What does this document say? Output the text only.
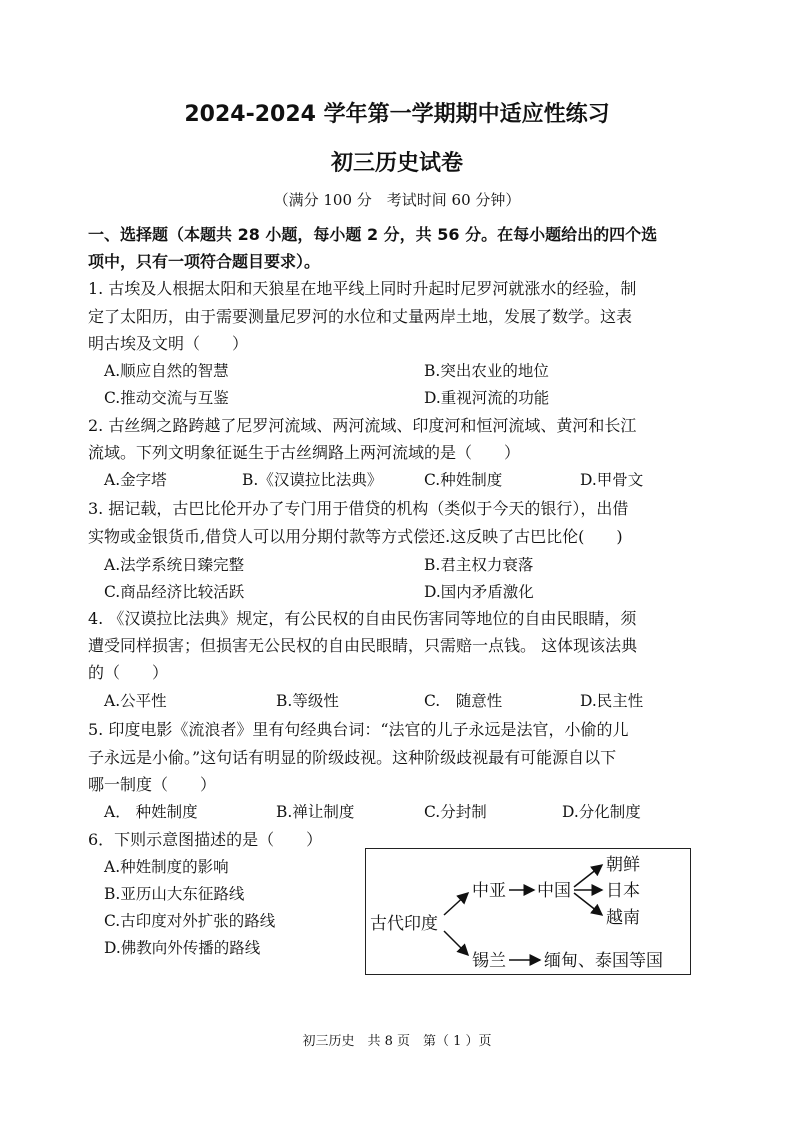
2024-2024 学年第一学期期中适应性练习
初三历史试卷
（满分 100 分　考试时间 60 分钟）
一、选择题（本题共 28 小题，每小题 2 分，共 56 分。在每小题给出的四个选
项中，只有一项符合题目要求）。
1. 古埃及人根据太阳和天狼星在地平线上同时升起时尼罗河就涨水的经验，制
定了太阳历，由于需要测量尼罗河的水位和丈量两岸土地，发展了数学。这表
明古埃及文明（　　）
A.顺应自然的智慧	B.突出农业的地位
C.推动交流与互鉴	D.重视河流的功能
2. 古丝绸之路跨越了尼罗河流域、两河流域、印度河和恒河流域、黄河和长江
流域。下列文明象征诞生于古丝绸路上两河流域的是（　　）
A.金字塔	B.《汉谟拉比法典》	C.种姓制度	D.甲骨文
3. 据记载，古巴比伦开办了专门用于借贷的机构（类似于今天的银行），出借
实物或金银货币,借贷人可以用分期付款等方式偿还.这反映了古巴比伦(　　)
A.法学系统日臻完整	B.君主权力衰落
C.商品经济比较活跃	D.国内矛盾激化
4. 《汉谟拉比法典》规定，有公民权的自由民伤害同等地位的自由民眼睛，须
遭受同样损害；但损害无公民权的自由民眼睛，只需赔一点钱。 这体现该法典
的（　　）
A.公平性	B.等级性	C.　随意性	D.民主性
5. 印度电影《流浪者》里有句经典台词：“法官的儿子永远是法官，小偷的儿
子永远是小偷。”这句话有明显的阶级歧视。这种阶级歧视最有可能源自以下
哪一制度（　　）
A． 种姓制度	B.禅让制度	C.分封制	D.分化制度
6．下则示意图描述的是（　　）
A.种姓制度的影响
B.亚历山大东征路线
C.古印度对外扩张的路线
D.佛教向外传播的路线
古代印度
中亚 中国
朝鲜
日本
越南
锡兰 缅甸、泰国等国
初三历史　共 8 页　第（ 1 ）页
